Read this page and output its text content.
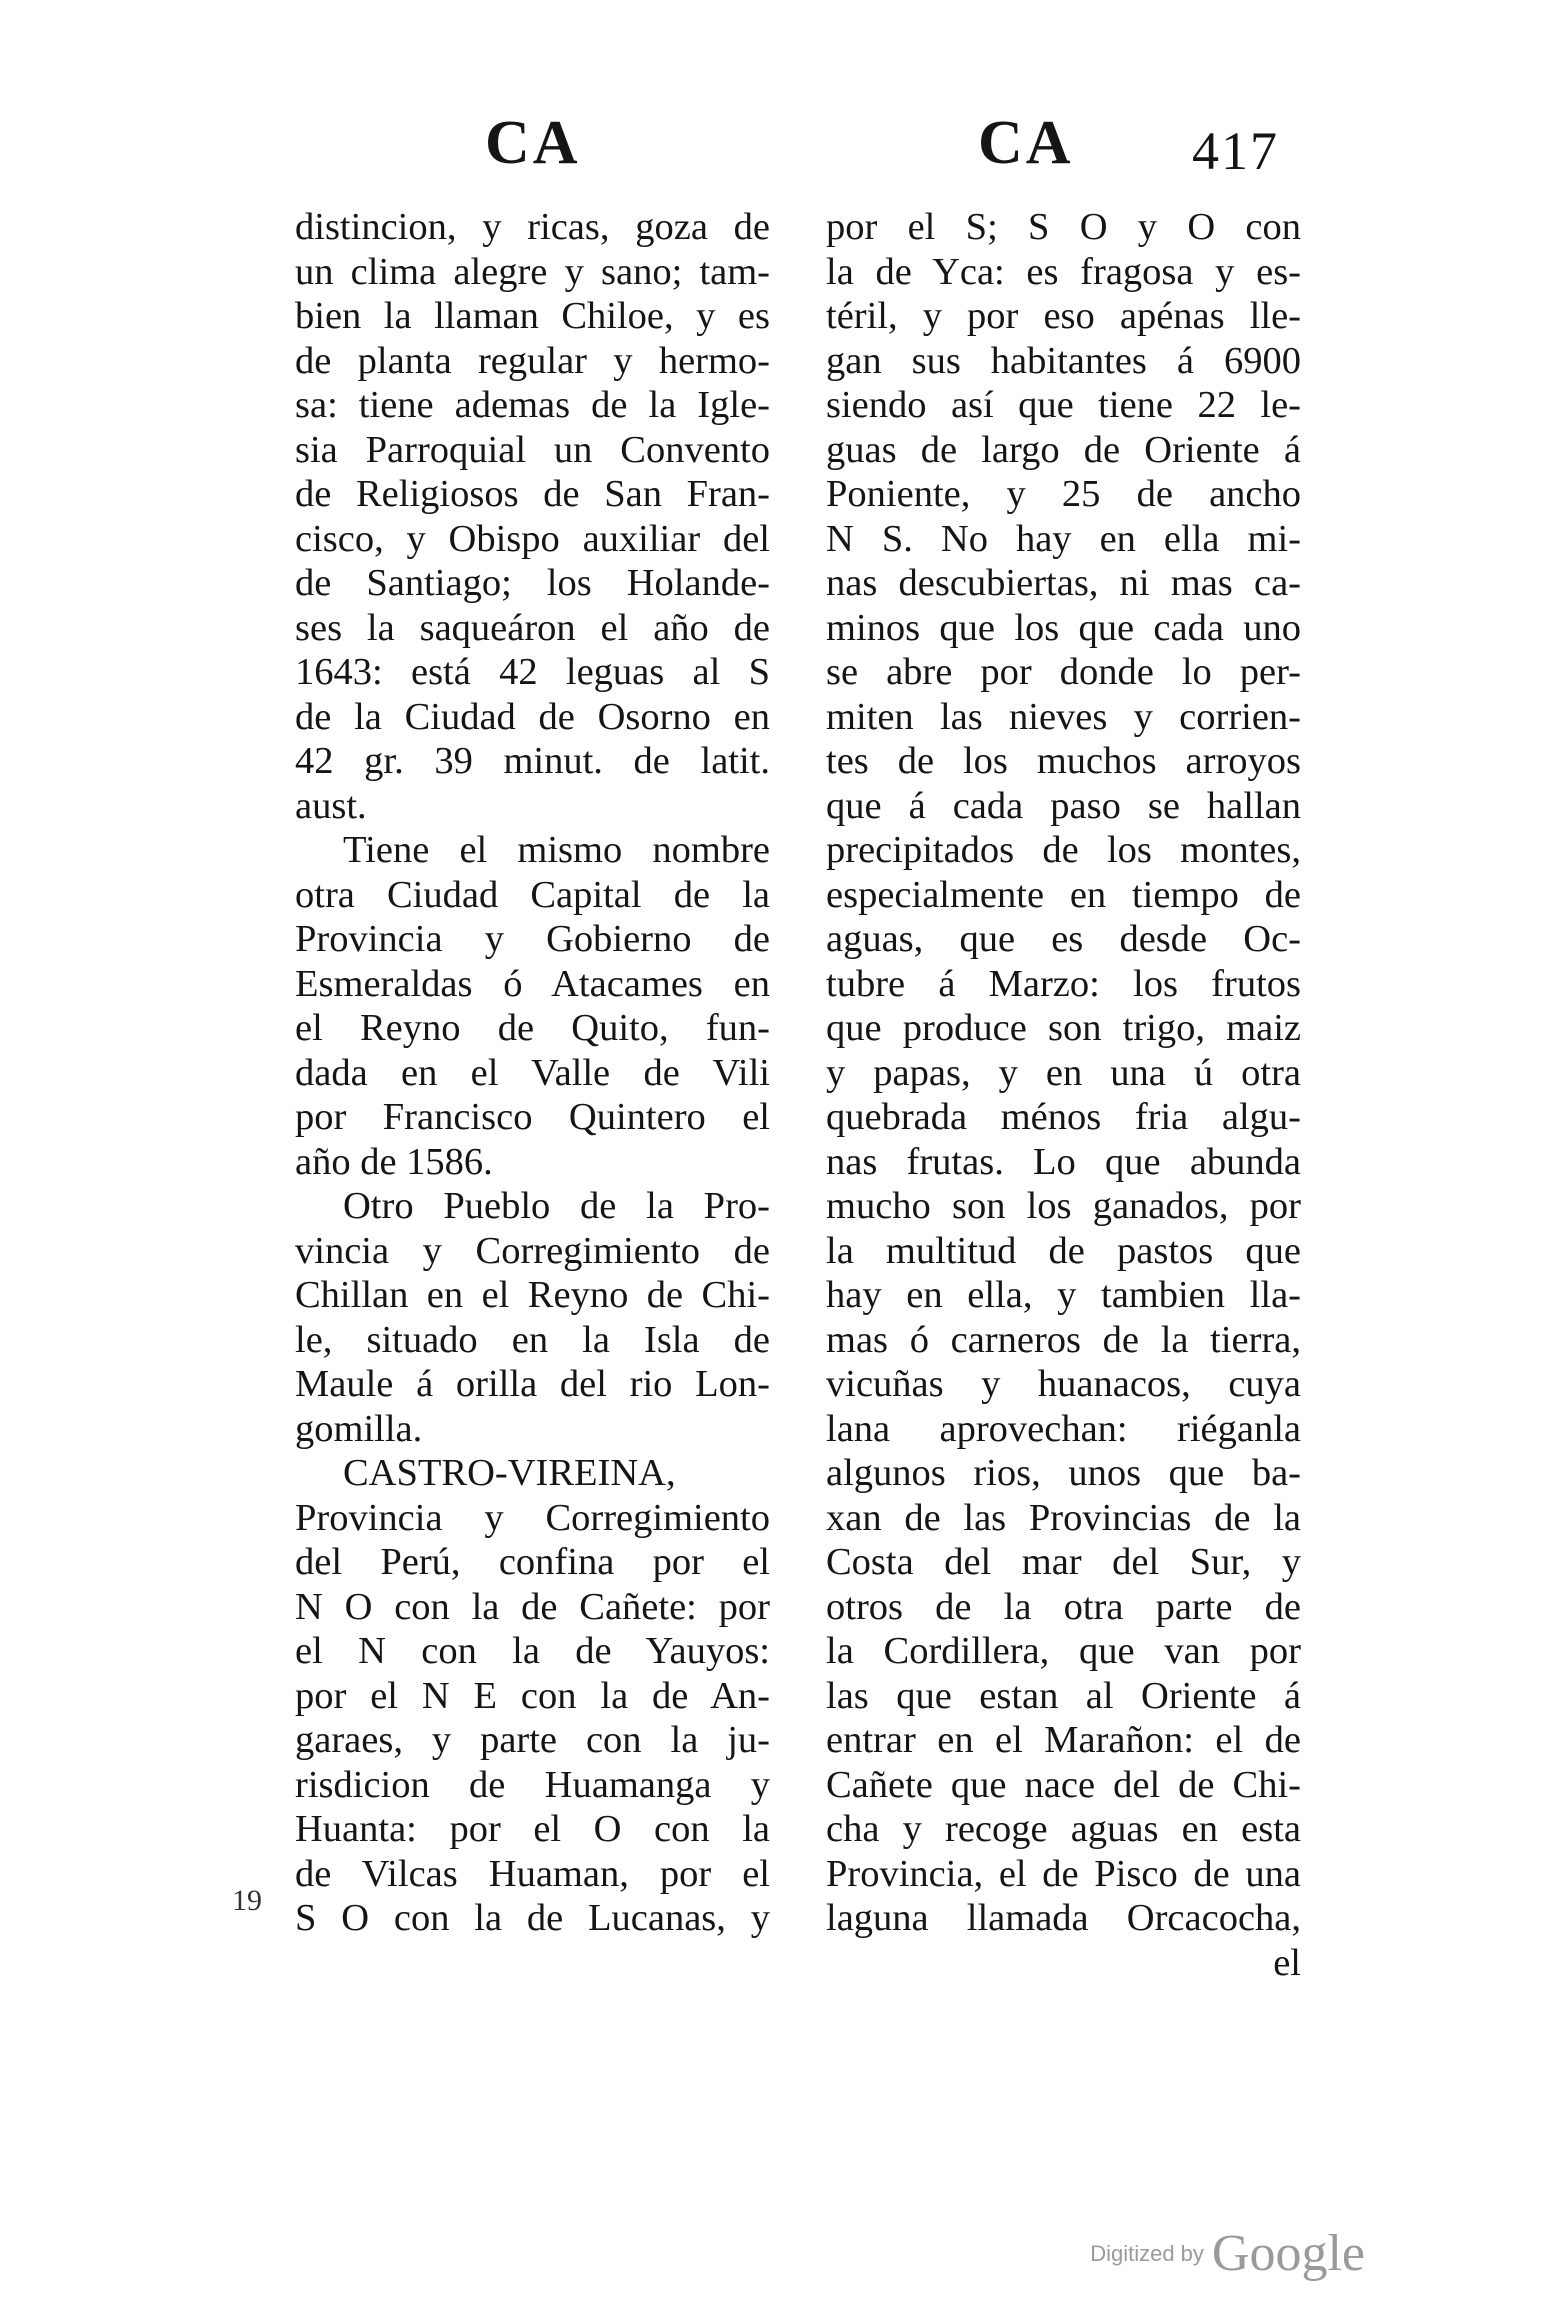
CA	CA 417
distincion, y ricas, goza de
un clima alegre y sano; tam-
bien la llaman Chiloe, y es
de planta regular y hermo-
sa: tiene ademas de la Igle-
sia Parroquial un Convento
de Religiosos de San Fran-
cisco, y Obispo auxiliar del
de Santiago; los Holande-
ses la saqueáron el año de
1643: está 42 leguas al S
de la Ciudad de Osorno en
42 gr. 39 minut. de latit.
aust.
Tiene el mismo nombre
otra Ciudad Capital de la
Provincia y Gobierno de
Esmeraldas ó Atacames en
el Reyno de Quito, fun-
dada en el Valle de Vili
por Francisco Quintero el
año de 1586.
Otro Pueblo de la Pro-
vincia y Corregimiento de
Chillan en el Reyno de Chi-
le, situado en la Isla de
Maule á orilla del rio Lon-
gomilla.
CASTRO-VIREINA,
Provincia y Corregimiento
del Perú, confina por el
N O con la de Cañete: por
el N con la de Yauyos:
por el N E con la de An-
garaes, y parte con la ju-
risdicion de Huamanga y
Huanta: por el O con la
de Vilcas Huaman, por el
S O con la de Lucanas, y
por el S; S O y O con
la de Yca: es fragosa y es-
téril, y por eso apénas lle-
gan sus habitantes á 6900
siendo así que tiene 22 le-
guas de largo de Oriente á
Poniente, y 25 de ancho
N S. No hay en ella mi-
nas descubiertas, ni mas ca-
minos que los que cada uno
se abre por donde lo per-
miten las nieves y corrien-
tes de los muchos arroyos
que á cada paso se hallan
precipitados de los montes,
especialmente en tiempo de
aguas, que es desde Oc-
tubre á Marzo: los frutos
que produce son trigo, maiz
y papas, y en una ú otra
quebrada ménos fria algu-
nas frutas. Lo que abunda
mucho son los ganados, por
la multitud de pastos que
hay en ella, y tambien lla-
mas ó carneros de la tierra,
vicuñas y huanacos, cuya
lana aprovechan: riéganla
algunos rios, unos que ba-
xan de las Provincias de la
Costa del mar del Sur, y
otros de la otra parte de
la Cordillera, que van por
las que estan al Oriente á
entrar en el Marañon: el de
Cañete que nace del de Chi-
cha y recoge aguas en esta
Provincia, el de Pisco de una
laguna llamada Orcacocha,
el
19
Digitized by Google
